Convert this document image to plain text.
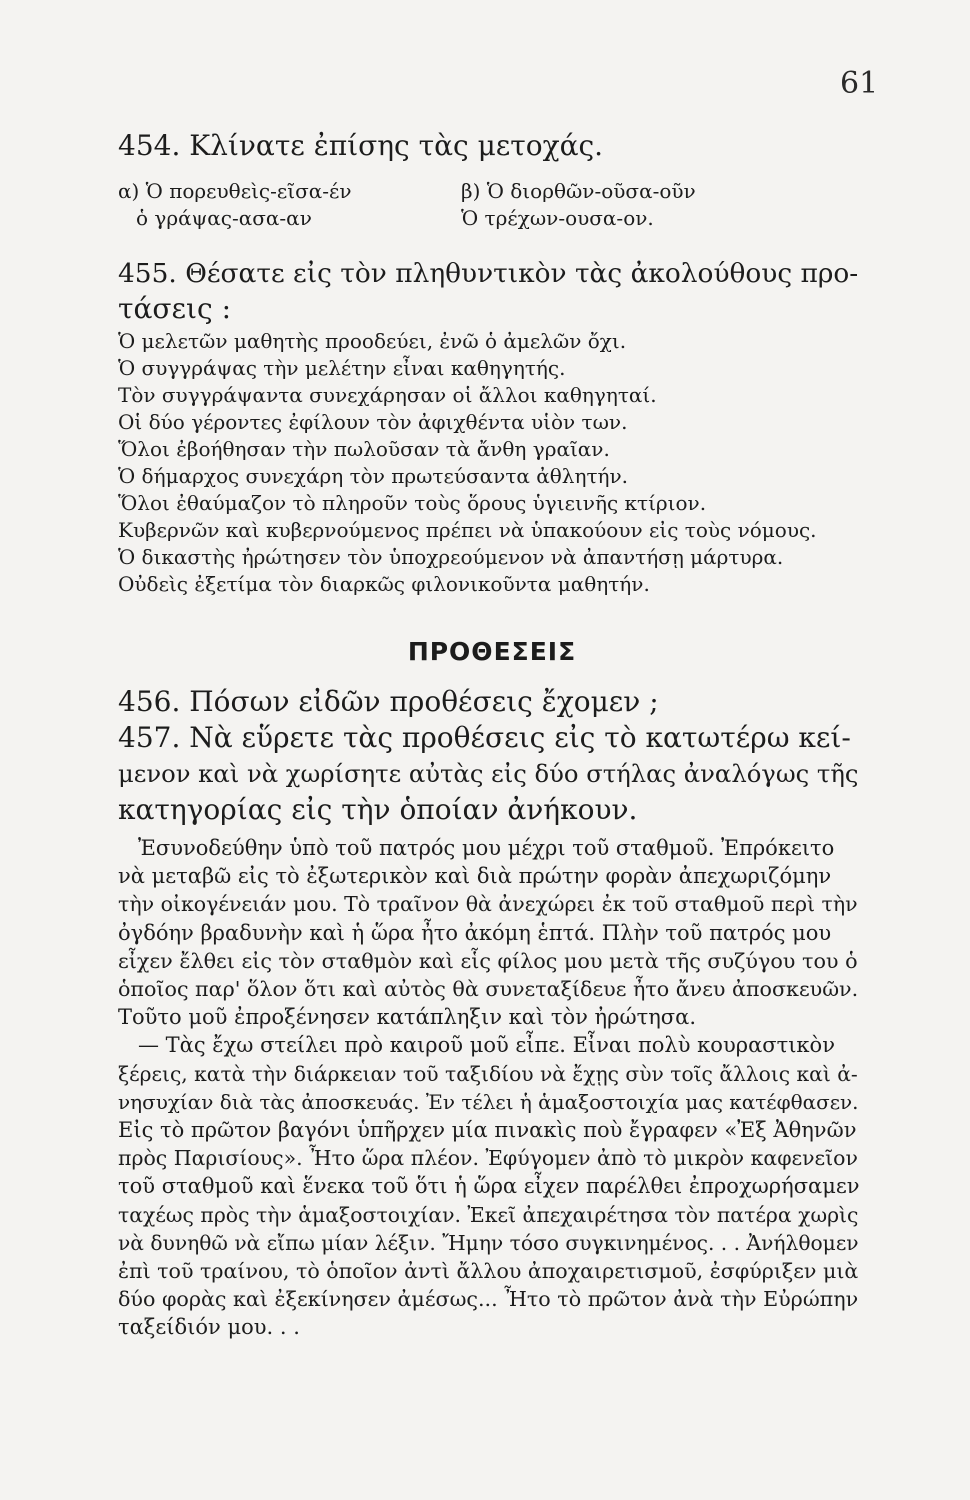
61
454. Κλίνατε ἐπίσης τὰς μετοχάς.
α) Ὁ πορευθεὶς-εῖσα-έν	β) Ὁ διορθῶν-οῦσα-οῦν
ὁ γράψας-ασα-αν	Ὁ τρέχων-ουσα-ον.
455. Θέσατε εἰς τὸν πληθυντικὸν τὰς ἀκολούθους προ-
τάσεις :
Ὁ μελετῶν μαθητὴς προοδεύει, ἐνῶ ὁ ἀμελῶν ὄχι.
Ὁ συγγράψας τὴν μελέτην εἶναι καθηγητής.
Τὸν συγγράψαντα συνεχάρησαν οἱ ἄλλοι καθηγηταί.
Οἱ δύο γέροντες ἐφίλουν τὸν ἀφιχθέντα υἱὸν των.
Ὅλοι ἐβοήθησαν τὴν πωλοῦσαν τὰ ἄνθη γραῖαν.
Ὁ δήμαρχος συνεχάρη τὸν πρωτεύσαντα ἀθλητήν.
Ὅλοι ἐθαύμαζον τὸ πληροῦν τοὺς ὅρους ὑγιεινῆς κτίριον.
Κυβερνῶν καὶ κυβερνούμενος πρέπει νὰ ὑπακούουν εἰς τοὺς νόμους.
Ὁ δικαστὴς ἠρώτησεν τὸν ὑποχρεούμενον νὰ ἀπαντήσῃ μάρτυρα.
Οὐδεὶς ἐξετίμα τὸν διαρκῶς φιλονικοῦντα μαθητήν.
ΠΡΟΘΕΣΕΙΣ
456. Πόσων εἰδῶν προθέσεις ἔχομεν ;
457. Νὰ εὕρετε τὰς προθέσεις εἰς τὸ κατωτέρω κεί-
μενον καὶ νὰ χωρίσητε αὐτὰς εἰς δύο στήλας ἀναλόγως τῆς
κατηγορίας εἰς τὴν ὁποίαν ἀνήκουν.
Ἐσυνοδεύθην ὑπὸ τοῦ πατρός μου μέχρι τοῦ σταθμοῦ. Ἐπρόκειτο
νὰ μεταβῶ εἰς τὸ ἐξωτερικὸν καὶ διὰ πρώτην φορὰν ἀπεχωριζόμην
τὴν οἰκογένειάν μου. Τὸ τραῖνον θὰ ἀνεχώρει ἐκ τοῦ σταθμοῦ περὶ τὴν
ὀγδόην βραδυνὴν καὶ ἡ ὥρα ἦτο ἀκόμη ἑπτά. Πλὴν τοῦ πατρός μου
εἶχεν ἔλθει εἰς τὸν σταθμὸν καὶ εἷς φίλος μου μετὰ τῆς συζύγου του ὁ
ὁποῖος παρ' ὅλον ὅτι καὶ αὐτὸς θὰ συνεταξίδευε ἦτο ἄνευ ἀποσκευῶν.
Τοῦτο μοῦ ἐπροξένησεν κατάπληξιν καὶ τὸν ἠρώτησα.
— Τὰς ἔχω στείλει πρὸ καιροῦ μοῦ εἶπε. Εἶναι πολὺ κουραστικὸν
ξέρεις, κατὰ τὴν διάρκειαν τοῦ ταξιδίου νὰ ἔχῃς σὺν τοῖς ἄλλοις καὶ ἀ-
νησυχίαν διὰ τὰς ἀποσκευάς. Ἐν τέλει ἡ ἁμαξοστοιχία μας κατέφθασεν.
Εἰς τὸ πρῶτον βαγόνι ὑπῆρχεν μία πινακὶς ποὺ ἔγραφεν «Ἐξ Ἀθηνῶν
πρὸς Παρισίους». Ἦτο ὥρα πλέον. Ἐφύγομεν ἀπὸ τὸ μικρὸν καφενεῖον
τοῦ σταθμοῦ καὶ ἕνεκα τοῦ ὅτι ἡ ὥρα εἶχεν παρέλθει ἐπροχωρήσαμεν
ταχέως πρὸς τὴν ἁμαξοστοιχίαν. Ἐκεῖ ἀπεχαιρέτησα τὸν πατέρα χωρὶς
νὰ δυνηθῶ νὰ εἴπω μίαν λέξιν. Ἤμην τόσο συγκινημένος. . . Ἀνήλθομεν
ἐπὶ τοῦ τραίνου, τὸ ὁποῖον ἀντὶ ἄλλου ἀποχαιρετισμοῦ, ἐσφύριξεν μιὰ
δύο φορὰς καὶ ἐξεκίνησεν ἀμέσως... Ἦτο τὸ πρῶτον ἀνὰ τὴν Εὐρώπην
ταξείδιόν μου. . .
